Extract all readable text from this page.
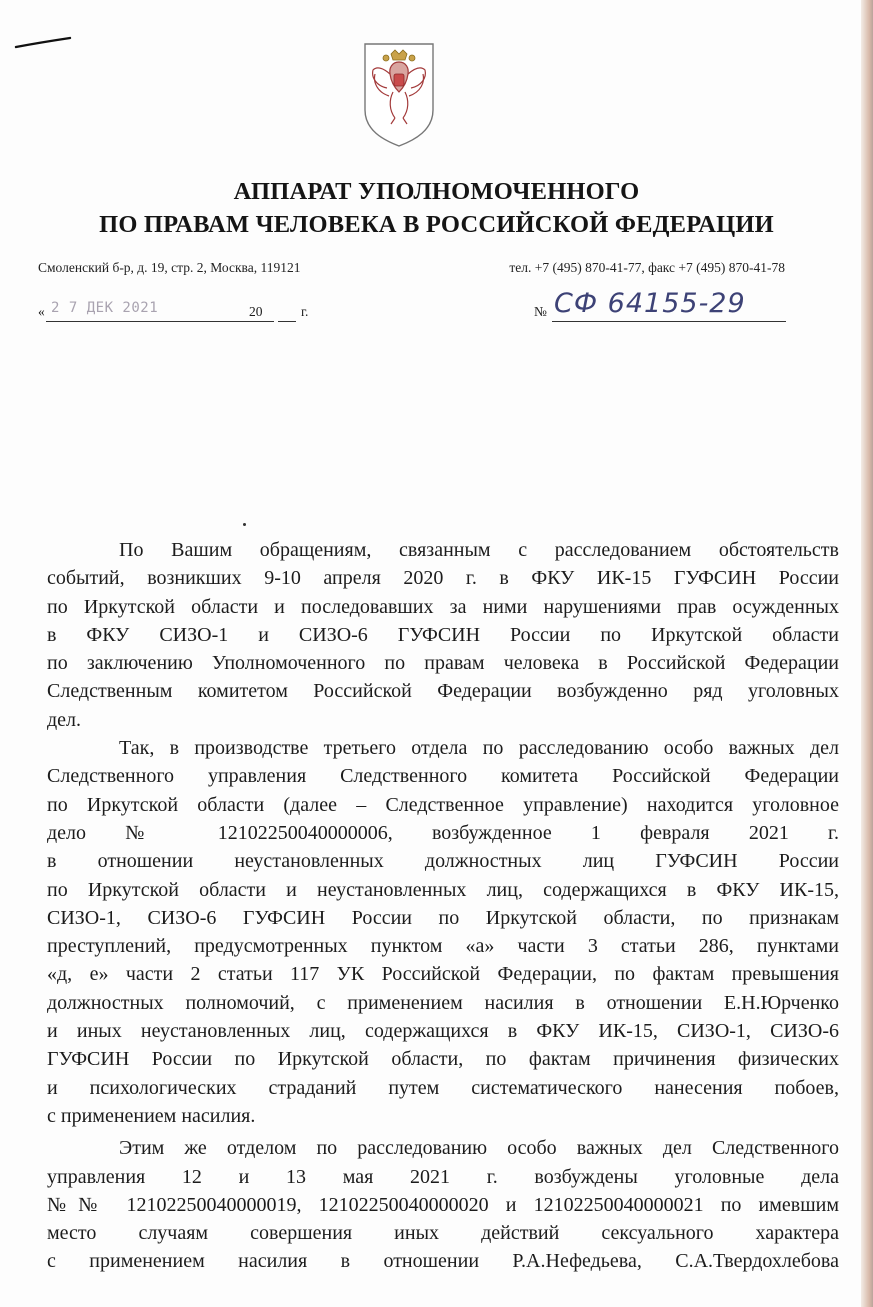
АППАРАТ УПОЛНОМОЧЕННОГО
ПО ПРАВАМ ЧЕЛОВЕКА В РОССИЙСКОЙ ФЕДЕРАЦИИ
Смоленский б-р, д. 19, стр. 2, Москва, 119121	тел. +7 (495) 870-41-77, факс +7 (495) 870-41-78
« 2 7 ДЕК 2021	20	г.	№ СФ 64155-29
По Вашим обращениям, связанным с расследованием обстоятельств
событий, возникших 9-10 апреля 2020 г. в ФКУ ИК-15 ГУФСИН России
по Иркутской области и последовавших за ними нарушениями прав осужденных
в ФКУ СИЗО-1 и СИЗО-6 ГУФСИН России по Иркутской области
по заключению Уполномоченного по правам человека в Российской Федерации
Следственным комитетом Российской Федерации возбужденно ряд уголовных
дел.
Так, в производстве третьего отдела по расследованию особо важных дел
Следственного управления Следственного комитета Российской Федерации
по Иркутской области (далее – Следственное управление) находится уголовное
дело № 12102250040000006, возбужденное 1 февраля 2021 г.
в отношении неустановленных должностных лиц ГУФСИН России
по Иркутской области и неустановленных лиц, содержащихся в ФКУ ИК-15,
СИЗО-1, СИЗО-6 ГУФСИН России по Иркутской области, по признакам
преступлений, предусмотренных пунктом «а» части 3 статьи 286, пунктами
«д, е» части 2 статьи 117 УК Российской Федерации, по фактам превышения
должностных полномочий, с применением насилия в отношении Е.Н.Юрченко
и иных неустановленных лиц, содержащихся в ФКУ ИК-15, СИЗО-1, СИЗО-6
ГУФСИН России по Иркутской области, по фактам причинения физических
и психологических страданий путем систематического нанесения побоев,
с применением насилия.
Этим же отделом по расследованию особо важных дел Следственного
управления 12 и 13 мая 2021 г. возбуждены уголовные дела
№№ 12102250040000019, 12102250040000020 и 12102250040000021 по имевшим
место случаям совершения иных действий сексуального характера
с применением насилия в отношении Р.А.Нефедьева, С.А.Твердохлебова
